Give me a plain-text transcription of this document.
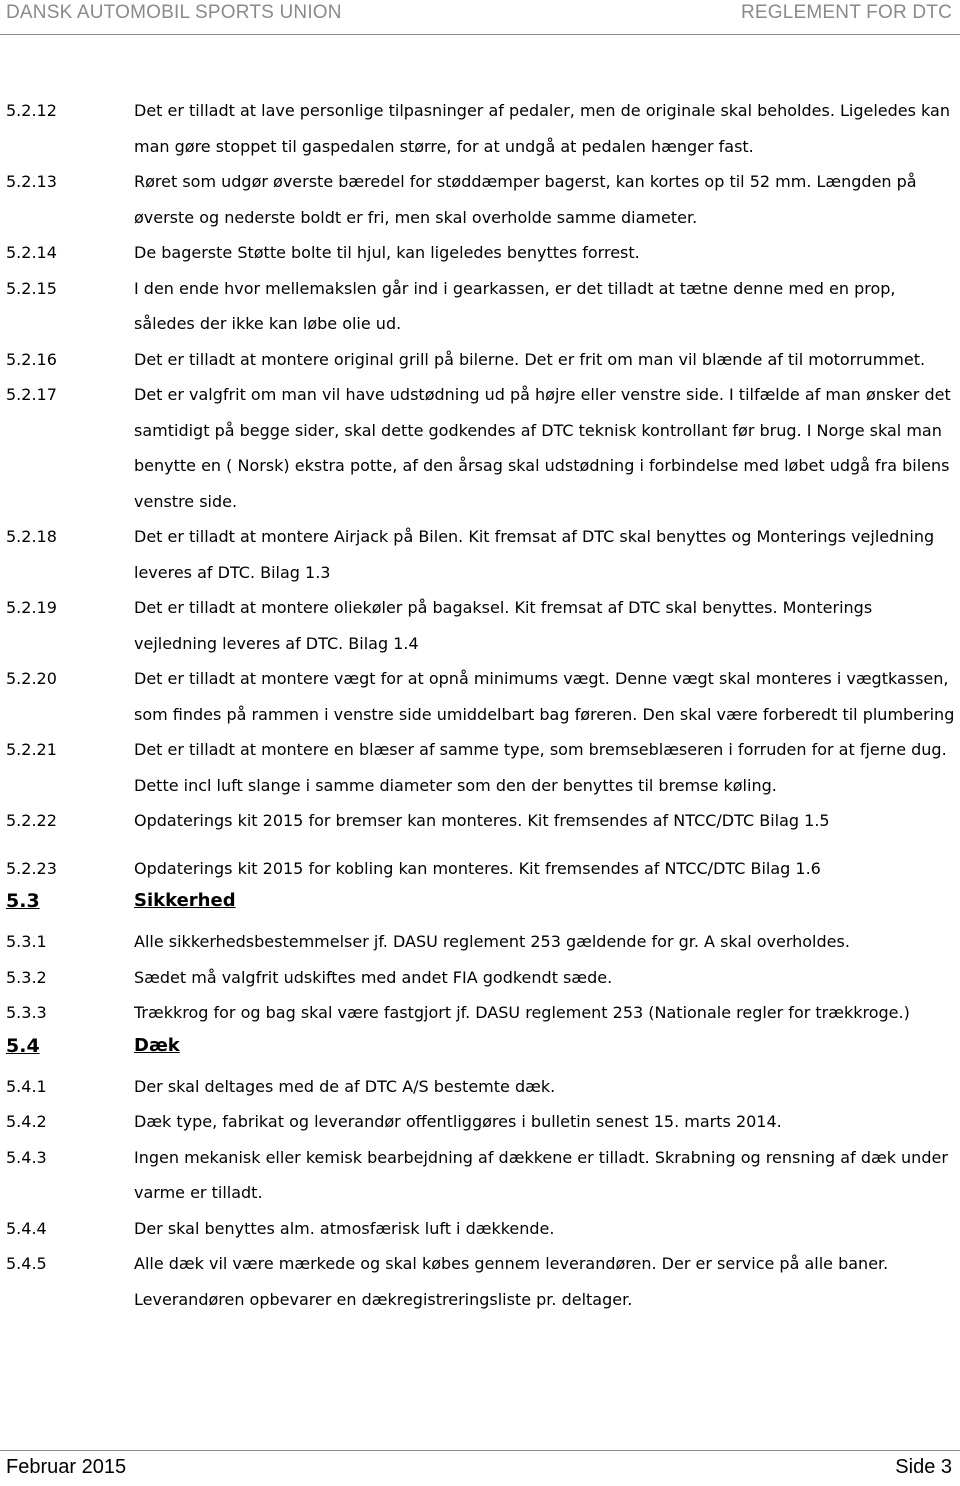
DANSK AUTOMOBIL SPORTS UNION	REGLEMENT FOR DTC
5.2.12	Det er tilladt at lave personlige tilpasninger af pedaler, men de originale skal beholdes. Ligeledes kan man gøre stoppet til gaspedalen større, for at undgå at pedalen hænger fast.
5.2.13	Røret som udgør øverste bæredel for støddæmper bagerst, kan kortes op til 52 mm. Længden på øverste og nederste boldt er fri, men skal overholde samme diameter.
5.2.14	De bagerste Støtte bolte til hjul, kan ligeledes benyttes forrest.
5.2.15	I den ende hvor mellemakslen går ind i gearkassen, er det tilladt at tætne denne med en prop, således der ikke kan løbe olie ud.
5.2.16	Det er tilladt at montere original grill på bilerne. Det er frit om man vil blænde af til motorrummet.
5.2.17	Det er valgfrit om man vil have udstødning ud på højre eller venstre side. I tilfælde af man ønsker det samtidigt på begge sider, skal dette godkendes af DTC teknisk kontrollant før brug. I Norge skal man benytte en ( Norsk) ekstra potte, af den årsag skal udstødning i forbindelse med løbet udgå fra bilens venstre side.
5.2.18	Det er tilladt at montere Airjack på Bilen. Kit fremsat af DTC skal benyttes og Monterings vejledning leveres af DTC. Bilag 1.3
5.2.19	Det er tilladt at montere oliekøler på bagaksel. Kit fremsat af DTC skal benyttes. Monterings vejledning leveres af DTC. Bilag 1.4
5.2.20	Det er tilladt at montere vægt for at opnå minimums vægt. Denne vægt skal monteres i vægtkassen, som findes på rammen i venstre side umiddelbart bag føreren. Den skal være forberedt til plumbering
5.2.21	Det er tilladt at montere en blæser af samme type, som bremseblæseren i forruden for at fjerne dug. Dette incl luft slange i samme diameter som den der benyttes til bremse køling.
5.2.22	Opdaterings kit 2015 for bremser kan monteres. Kit fremsendes af NTCC/DTC Bilag 1.5
5.2.23	Opdaterings kit 2015 for kobling kan monteres. Kit fremsendes af NTCC/DTC Bilag 1.6
5.3	Sikkerhed
5.3.1	Alle sikkerhedsbestemmelser jf. DASU reglement 253 gældende for gr. A skal overholdes.
5.3.2	Sædet må valgfrit udskiftes med andet FIA godkendt sæde.
5.3.3	Trækkrog for og bag skal være fastgjort jf. DASU reglement 253 (Nationale regler for trækkroge.)
5.4	Dæk
5.4.1	Der skal deltages med de af DTC A/S bestemte dæk.
5.4.2	Dæk type, fabrikat og leverandør offentliggøres i bulletin senest 15. marts 2014.
5.4.3	Ingen mekanisk eller kemisk bearbejdning af dækkene er tilladt. Skrabning og rensning af dæk under varme er tilladt.
5.4.4	Der skal benyttes alm. atmosfærisk luft i dækkende.
5.4.5	Alle dæk vil være mærkede og skal købes gennem leverandøren. Der er service på alle baner. Leverandøren opbevarer en dækregistreringsliste pr. deltager.
Februar 2015	Side 3
